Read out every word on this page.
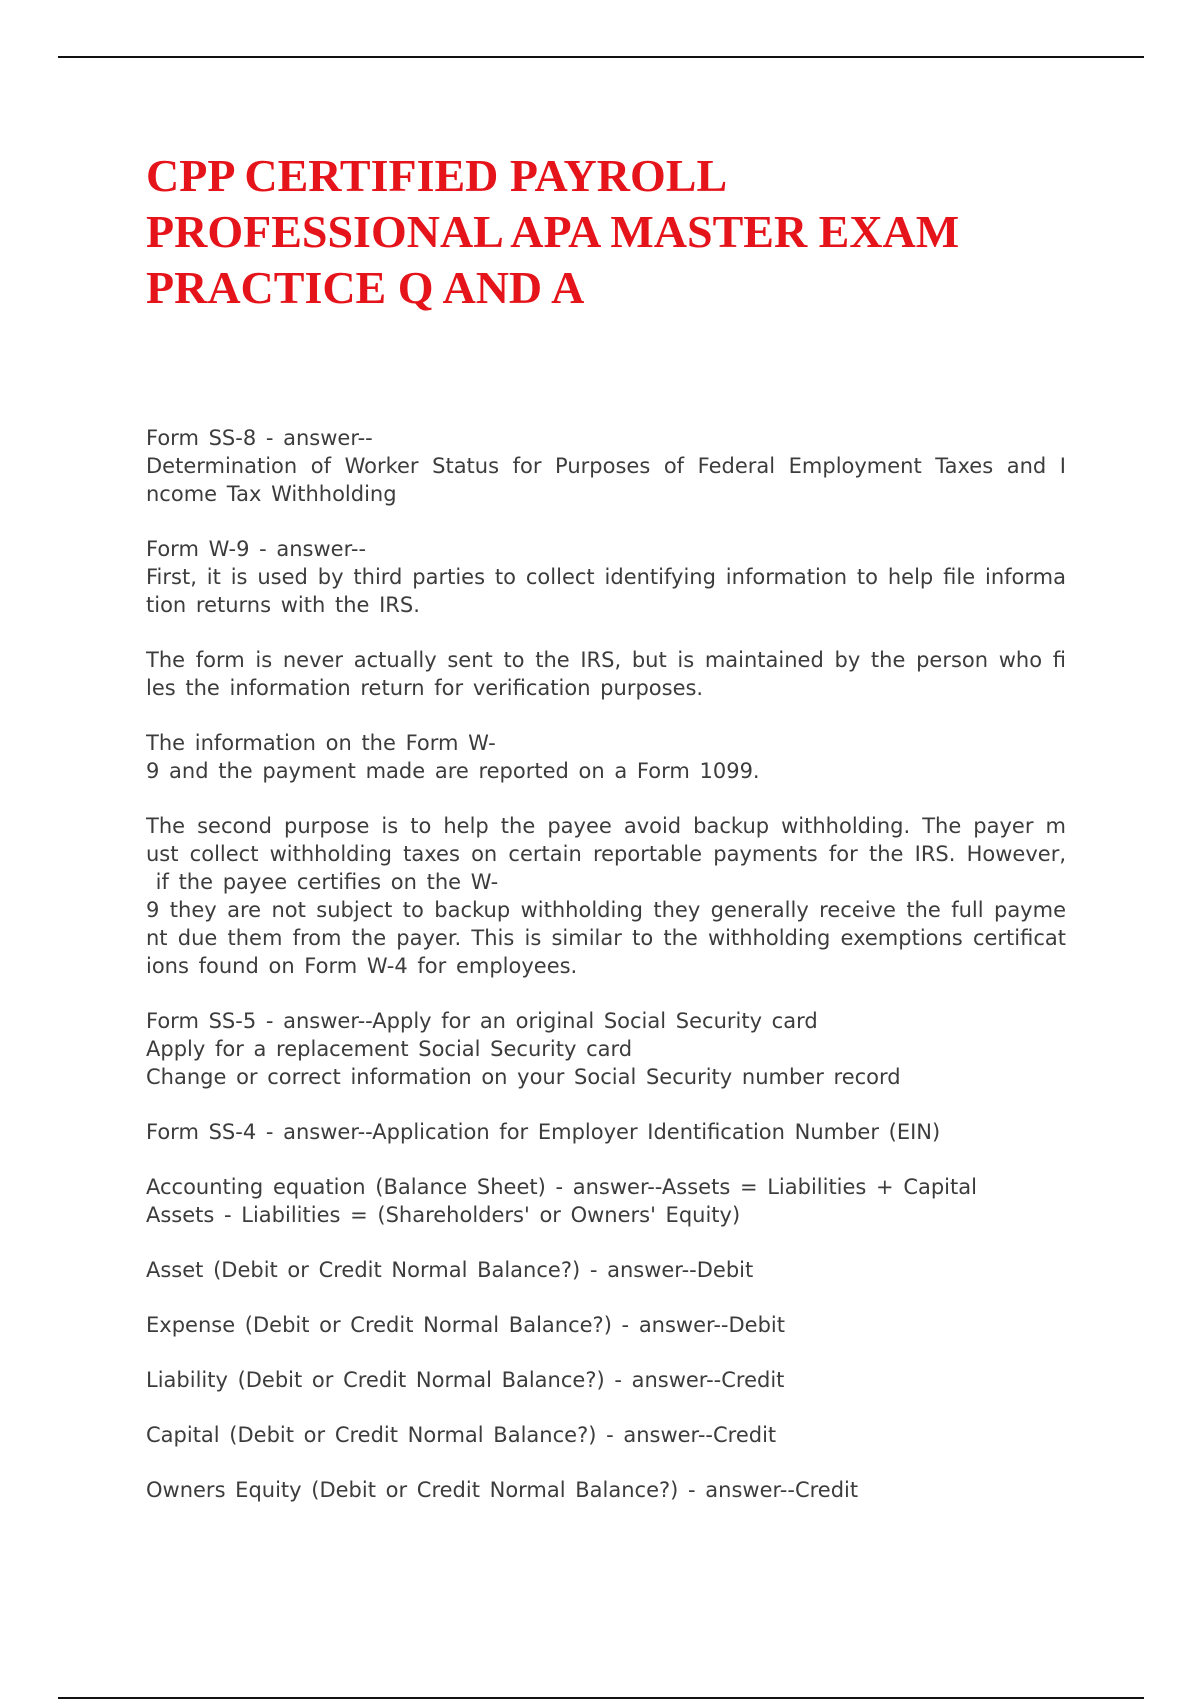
CPP CERTIFIED PAYROLL
PROFESSIONAL APA MASTER EXAM
PRACTICE Q AND A

Form SS-8 - answer--
Determination of Worker Status for Purposes of Federal Employment Taxes and I
ncome Tax Withholding

Form W-9 - answer--
First, it is used by third parties to collect identifying information to help file informa
tion returns with the IRS.

The form is never actually sent to the IRS, but is maintained by the person who fi
les the information return for verification purposes.

The information on the Form W-
9 and the payment made are reported on a Form 1099.

The second purpose is to help the payee avoid backup withholding. The payer m
ust collect withholding taxes on certain reportable payments for the IRS. However,
if the payee certifies on the W-
9 they are not subject to backup withholding they generally receive the full payme
nt due them from the payer. This is similar to the withholding exemptions certificat
ions found on Form W-4 for employees.

Form SS-5 - answer--Apply for an original Social Security card
Apply for a replacement Social Security card
Change or correct information on your Social Security number record

Form SS-4 - answer--Application for Employer Identification Number (EIN)

Accounting equation (Balance Sheet) - answer--Assets = Liabilities + Capital
Assets - Liabilities = (Shareholders' or Owners' Equity)

Asset (Debit or Credit Normal Balance?) - answer--Debit

Expense (Debit or Credit Normal Balance?) - answer--Debit

Liability (Debit or Credit Normal Balance?) - answer--Credit

Capital (Debit or Credit Normal Balance?) - answer--Credit

Owners Equity (Debit or Credit Normal Balance?) - answer--Credit
